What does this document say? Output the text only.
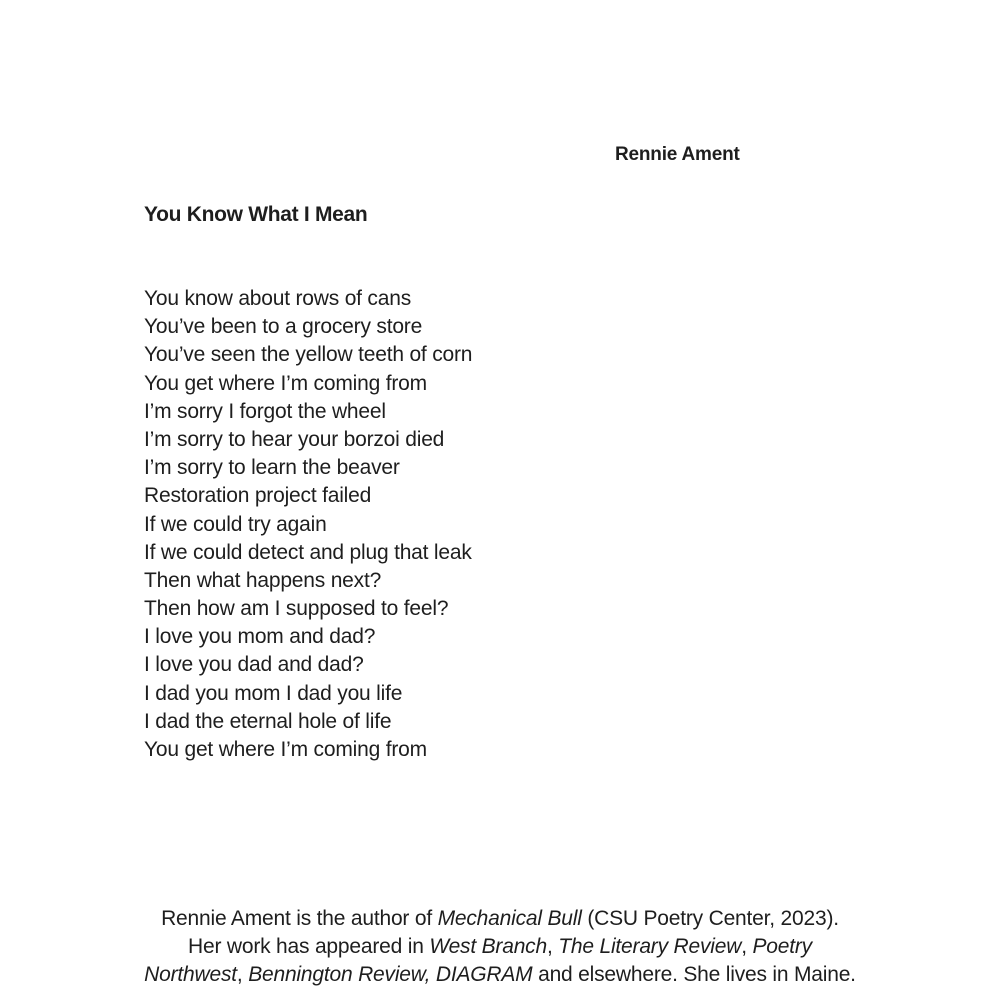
Rennie Ament
You Know What I Mean
You know about rows of cans
You’ve been to a grocery store
You’ve seen the yellow teeth of corn
You get where I’m coming from
I’m sorry I forgot the wheel
I’m sorry to hear your borzoi died
I’m sorry to learn the beaver
Restoration project failed
If we could try again
If we could detect and plug that leak
Then what happens next?
Then how am I supposed to feel?
I love you mom and dad?
I love you dad and dad?
I dad you mom I dad you life
I dad the eternal hole of life
You get where I’m coming from
Rennie Ament is the author of Mechanical Bull (CSU Poetry Center, 2023).
Her work has appeared in West Branch, The Literary Review, Poetry
Northwest, Bennington Review, DIAGRAM and elsewhere. She lives in Maine.
